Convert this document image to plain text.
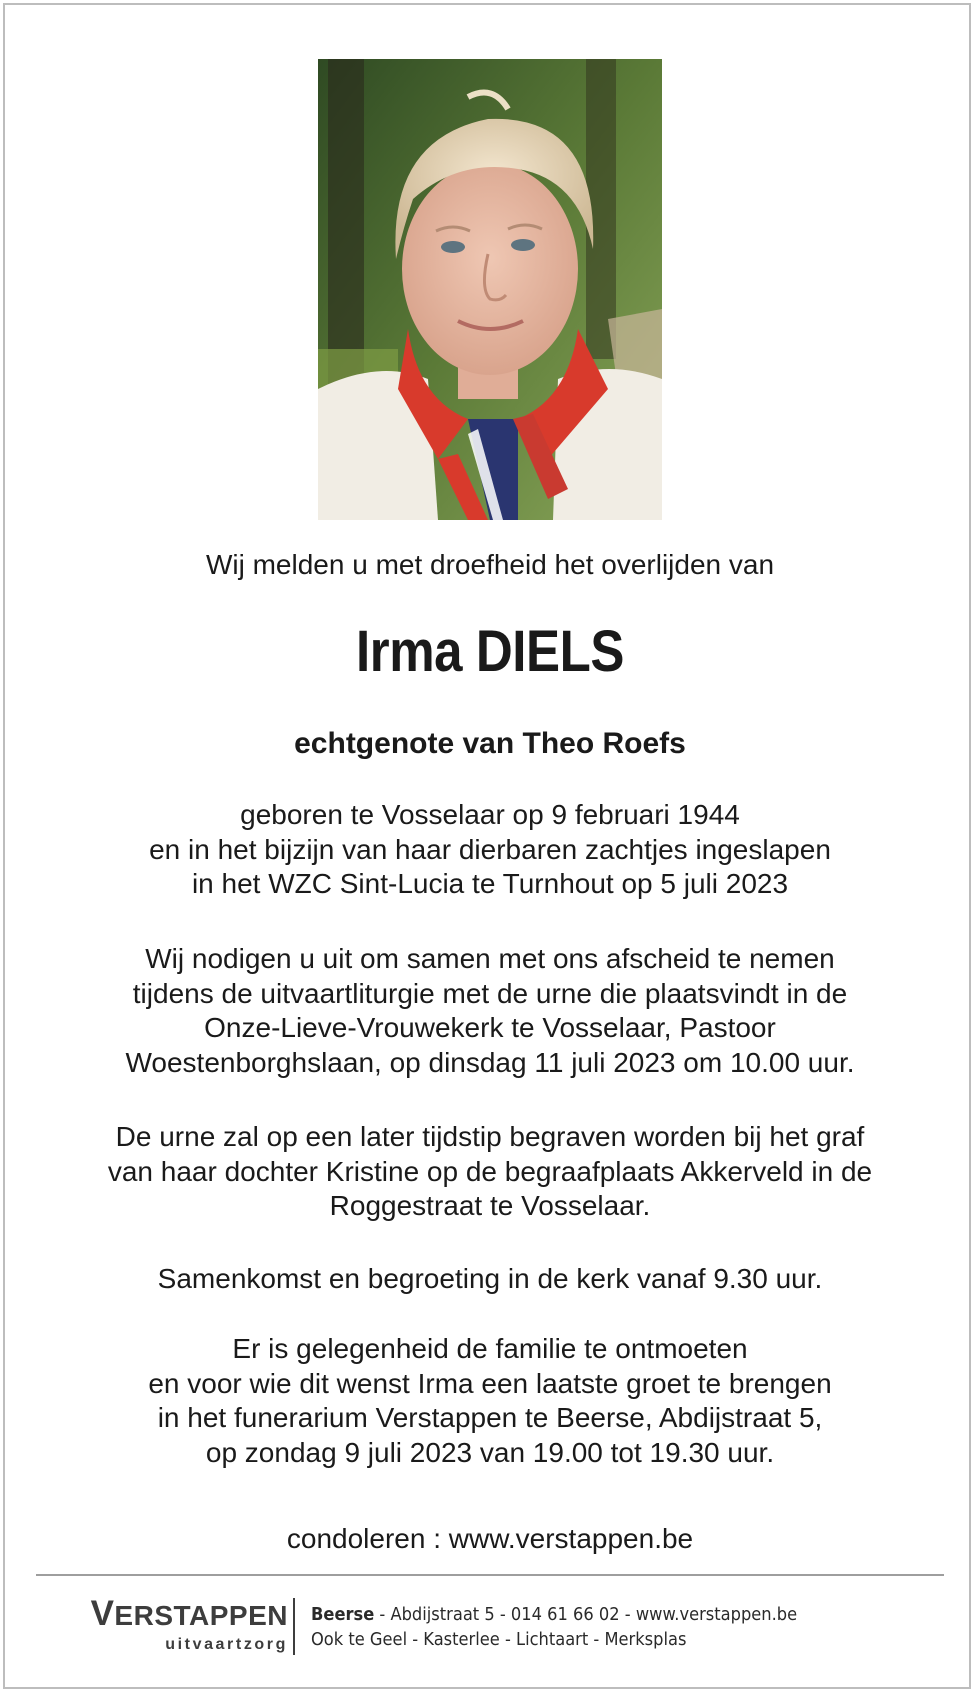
Wij melden u met droefheid het overlijden van
Irma DIELS
echtgenote van Theo Roefs
geboren te Vosselaar op 9 februari 1944
en in het bijzijn van haar dierbaren zachtjes ingeslapen
in het WZC Sint-Lucia te Turnhout op 5 juli 2023
Wij nodigen u uit om samen met ons afscheid te nemen
tijdens de uitvaartliturgie met de urne die plaatsvindt in de
Onze-Lieve-Vrouwekerk te Vosselaar, Pastoor
Woestenborghslaan, op dinsdag 11 juli 2023 om 10.00 uur.
De urne zal op een later tijdstip begraven worden bij het graf
van haar dochter Kristine op de begraafplaats Akkerveld in de
Roggestraat te Vosselaar.
Samenkomst en begroeting in de kerk vanaf 9.30 uur.
Er is gelegenheid de familie te ontmoeten
en voor wie dit wenst Irma een laatste groet te brengen
in het funerarium Verstappen te Beerse, Abdijstraat 5,
op zondag 9 juli 2023 van 19.00 tot 19.30 uur.
condoleren : www.verstappen.be
VERSTAPPEN
uitvaartzorg
Beerse - Abdijstraat 5 - 014 61 66 02 - www.verstappen.be
Ook te Geel - Kasterlee - Lichtaart - Merksplas
